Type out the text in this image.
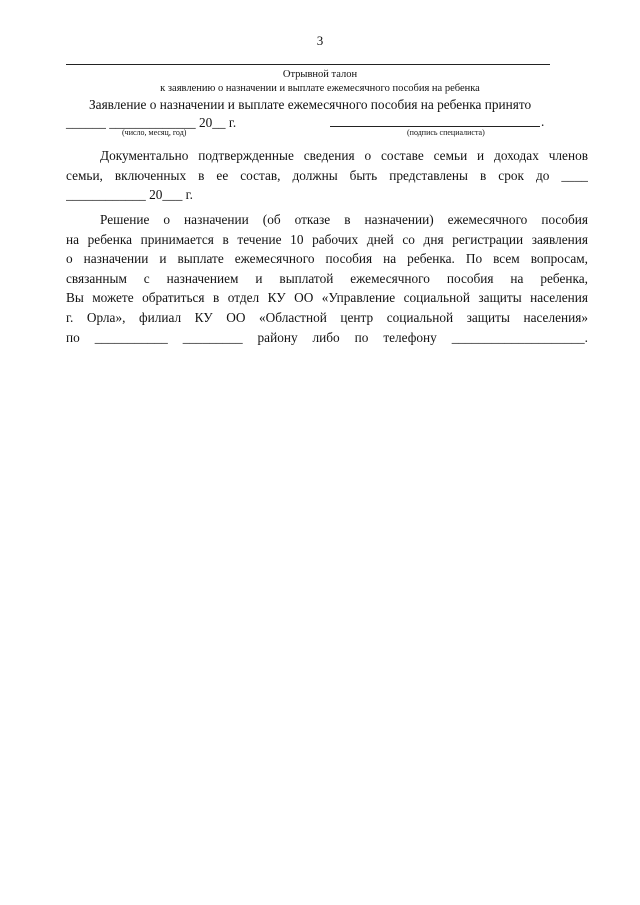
3
Отрывной талон
к заявлению о назначении и выплате ежемесячного пособия на ребенка
Заявление о назначении и выплате ежемесячного пособия на ребенка принято
______ _____________ 20__ г.	.
(число, месяц, год)	(подпись специалиста)
Документально подтвержденные сведения о составе семьи и доходах членов
семьи, включенных в ее состав, должны быть представлены в срок до ____
____________ 20___ г.
Решение о назначении (об отказе в назначении) ежемесячного пособия
на ребенка принимается в течение 10 рабочих дней со дня регистрации заявления
о назначении и выплате ежемесячного пособия на ребенка. По всем вопросам,
связанным с назначением и выплатой ежемесячного пособия на ребенка,
Вы можете обратиться в отдел КУ ОО «Управление социальной защиты населения
г. Орла», филиал КУ ОО «Областной центр социальной защиты населения»
по ___________ _________ району либо по телефону ____________________.
